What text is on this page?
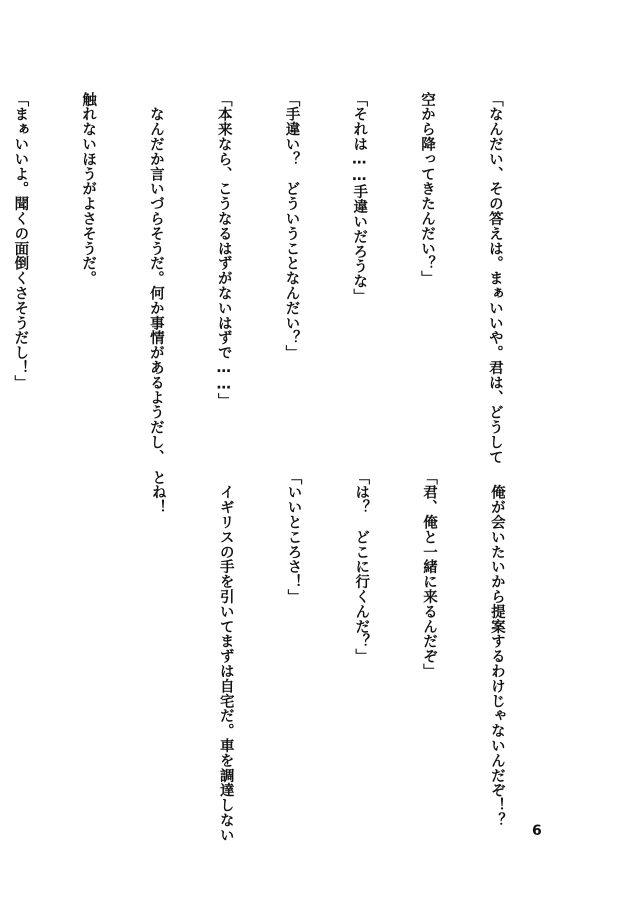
「なんだい、その答えは。まぁいいや。君は、どうして

空から降ってきたんだい？」

「それは……手違いだろうな」

「手違い？　どういうことなんだい？」

「本来なら、こうなるはずがないはずで……」

　なんだか言いづらそうだ。何か事情があるようだし、

触れないほうがよさそうだ。

「まぁいいよ。聞くの面倒くさそうだし！」

　俺が会いたいから提案するわけじゃないんだぞ！？

「君、俺と一緒に来るんだぞ」

「は？　どこに行くんだ？」

「いいところさ！」

　イギリスの手を引いてまずは自宅だ。車を調達しない

とね！

6
